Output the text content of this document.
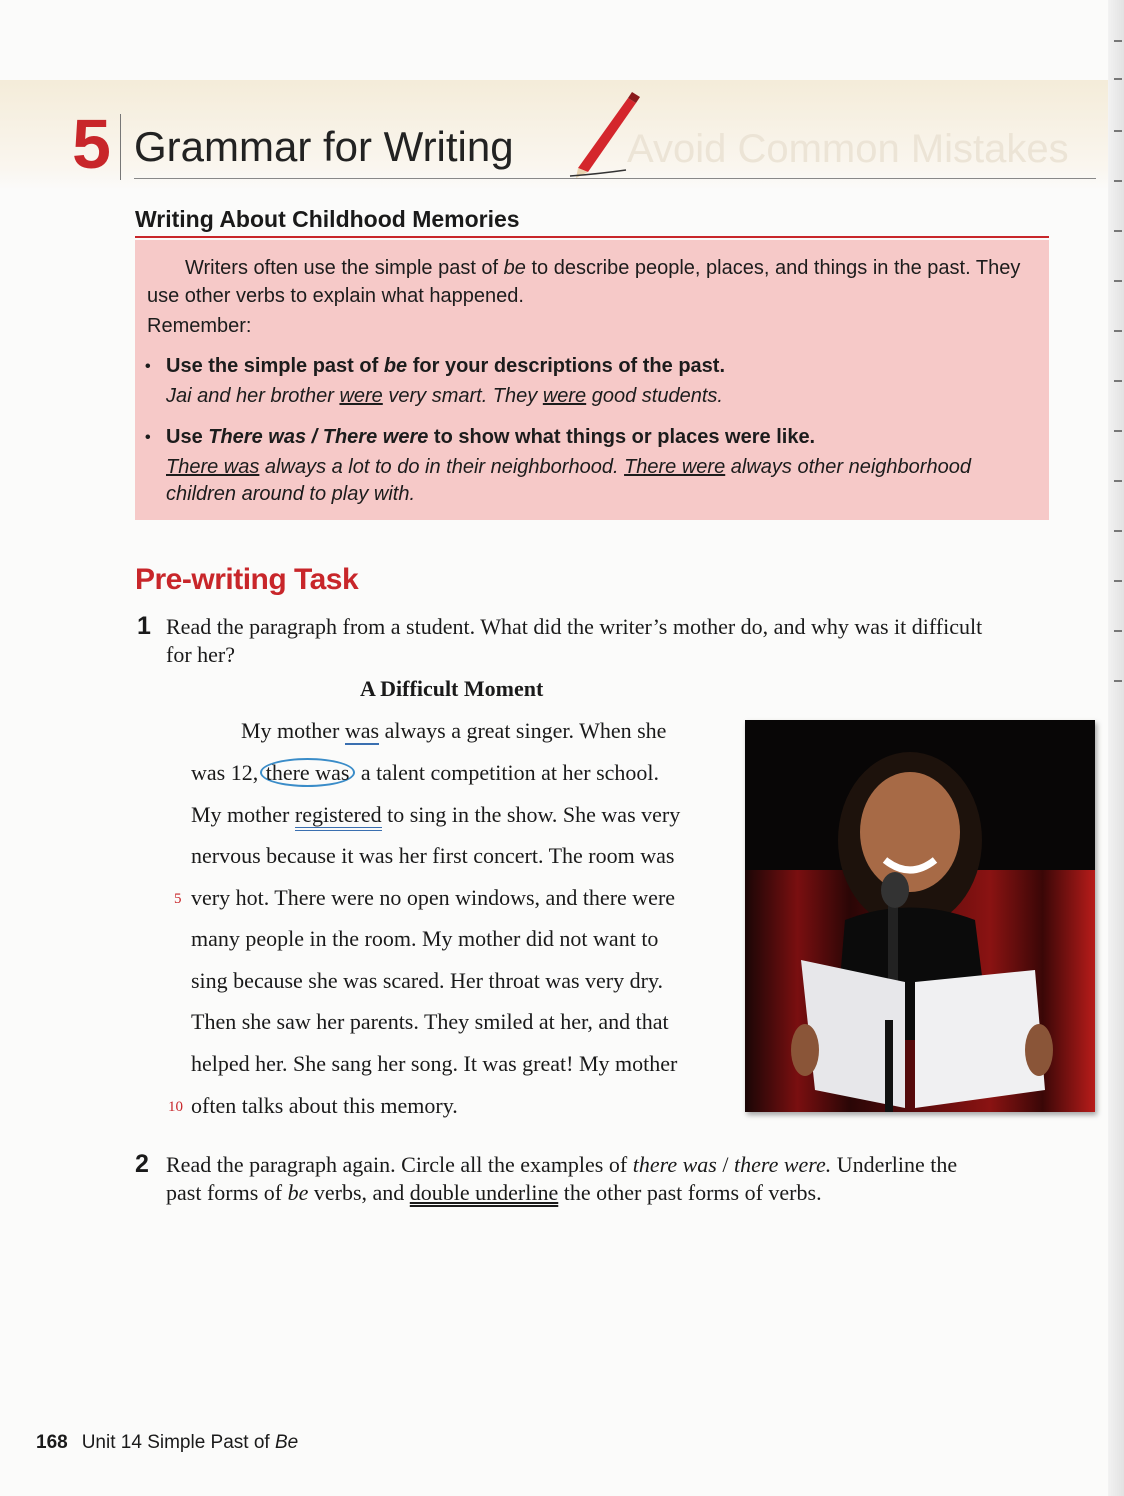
5	Avoid Common Mistakes
Grammar for Writing
Writing About Childhood Memories
Writers often use the simple past of be to describe people, places, and things in the past. They use other verbs to explain what happened.
Remember:
• Use the simple past of be for your descriptions of the past.
Jai and her brother were very smart. They were good students.
• Use There was / There were to show what things or places were like.
There was always a lot to do in their neighborhood. There were always other neighborhood children around to play with.
Pre-writing Task
1 Read the paragraph from a student. What did the writer’s mother do, and why was it difficult for her?
A Difficult Moment
My mother was always a great singer. When she
was 12, there was a talent competition at her school.
My mother registered to sing in the show. She was very
nervous because it was her first concert. The room was
5 very hot. There were no open windows, and there were
many people in the room. My mother did not want to
sing because she was scared. Her throat was very dry.
Then she saw her parents. They smiled at her, and that
helped her. She sang her song. It was great! My mother
10 often talks about this memory.
2 Read the paragraph again. Circle all the examples of there was / there were. Underline the past forms of be verbs, and double underline the other past forms of verbs.
168 Unit 14 Simple Past of Be
